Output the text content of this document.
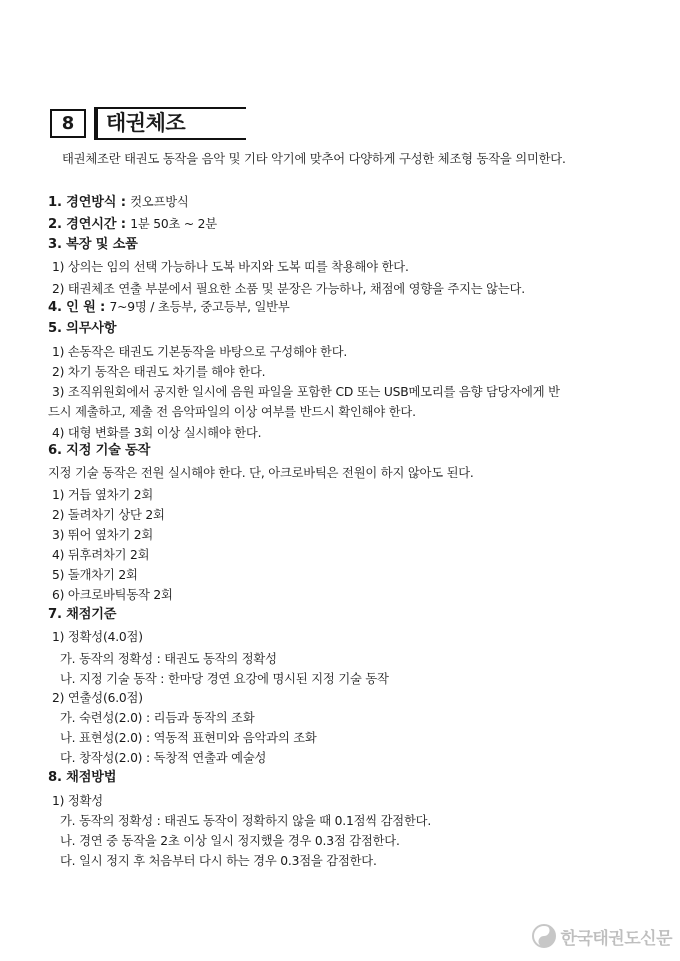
8	태권체조
태권체조란 태권도 동작을 음악 및 기타 악기에 맞추어 다양하게 구성한 체조형 동작을 의미한다.
1. 경연방식 : 컷오프방식
2. 경연시간 : 1분 50초 ~ 2분
3. 복장 및 소품
1) 상의는 임의 선택 가능하나 도복 바지와 도복 띠를 착용해야 한다.
2) 태권체조 연출 부분에서 필요한 소품 및 분장은 가능하나, 채점에 영향을 주지는 않는다.
4. 인 원 : 7~9명 / 초등부, 중고등부, 일반부
5. 의무사항
1) 손동작은 태권도 기본동작을 바탕으로 구성해야 한다.
2) 차기 동작은 태권도 차기를 해야 한다.
3) 조직위원회에서 공지한 일시에 음원 파일을 포함한 CD 또는 USB메모리를 음향 담당자에게 반
드시 제출하고, 제출 전 음악파일의 이상 여부를 반드시 확인해야 한다.
4) 대형 변화를 3회 이상 실시해야 한다.
6. 지정 기술 동작
지정 기술 동작은 전원 실시해야 한다. 단, 아크로바틱은 전원이 하지 않아도 된다.
1) 거듭 옆차기 2회
2) 돌려차기 상단 2회
3) 뛰어 옆차기 2회
4) 뒤후려차기 2회
5) 돌개차기 2회
6) 아크로바틱동작 2회
7. 채점기준
1) 정확성(4.0점)
가. 동작의 정확성 : 태권도 동작의 정확성
나. 지정 기술 동작 : 한마당 경연 요강에 명시된 지정 기술 동작
2) 연출성(6.0점)
가. 숙련성(2.0) : 리듬과 동작의 조화
나. 표현성(2.0) : 역동적 표현미와 음악과의 조화
다. 창작성(2.0) : 독창적 연출과 예술성
8. 채점방법
1) 정확성
가. 동작의 정확성 : 태권도 동작이 정확하지 않을 때 0.1점씩 감점한다.
나. 경연 중 동작을 2초 이상 일시 정지했을 경우 0.3점 감점한다.
다. 일시 정지 후 처음부터 다시 하는 경우 0.3점을 감점한다.
한국태권도신문
